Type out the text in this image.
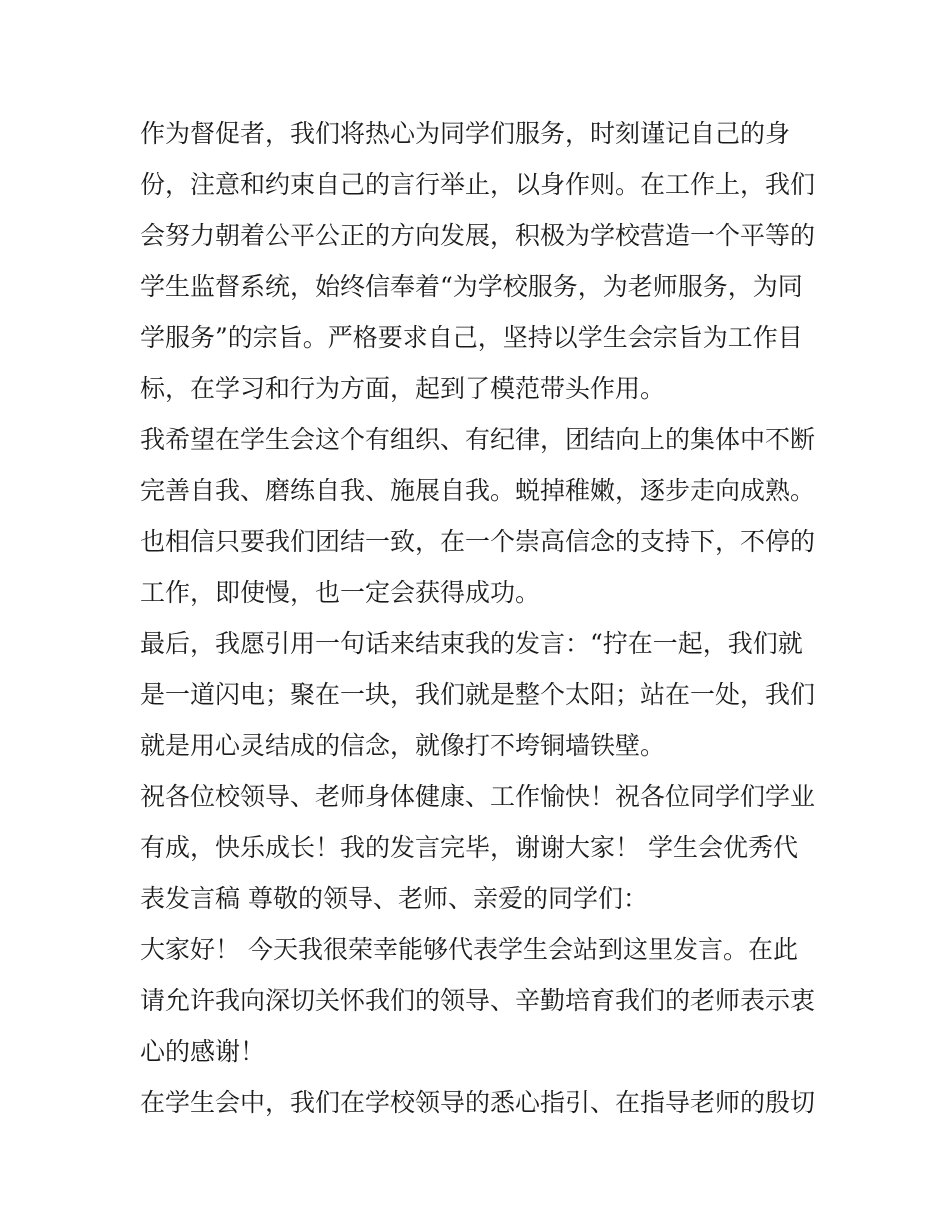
作为督促者，我们将热心为同学们服务，时刻谨记自己的身
份，注意和约束自己的言行举止，以身作则。在工作上，我们
会努力朝着公平公正的方向发展，积极为学校营造一个平等的
学生监督系统，始终信奉着“为学校服务，为老师服务，为同
学服务”的宗旨。严格要求自己，坚持以学生会宗旨为工作目
标，在学习和行为方面，起到了模范带头作用。
我希望在学生会这个有组织、有纪律，团结向上的集体中不断
完善自我、磨练自我、施展自我。蜕掉稚嫩，逐步走向成熟。
也相信只要我们团结一致，在一个崇高信念的支持下，不停的
工作，即使慢，也一定会获得成功。
最后，我愿引用一句话来结束我的发言：“拧在一起，我们就
是一道闪电；聚在一块，我们就是整个太阳；站在一处，我们
就是用心灵结成的信念，就像打不垮铜墙铁壁。
祝各位校领导、老师身体健康、工作愉快！祝各位同学们学业
有成，快乐成长！我的发言完毕，谢谢大家！ 学生会优秀代
表发言稿 尊敬的领导、老师、亲爱的同学们：
大家好！ 今天我很荣幸能够代表学生会站到这里发言。在此
请允许我向深切关怀我们的领导、辛勤培育我们的老师表示衷
心的感谢！
在学生会中，我们在学校领导的悉心指引、在指导老师的殷切
